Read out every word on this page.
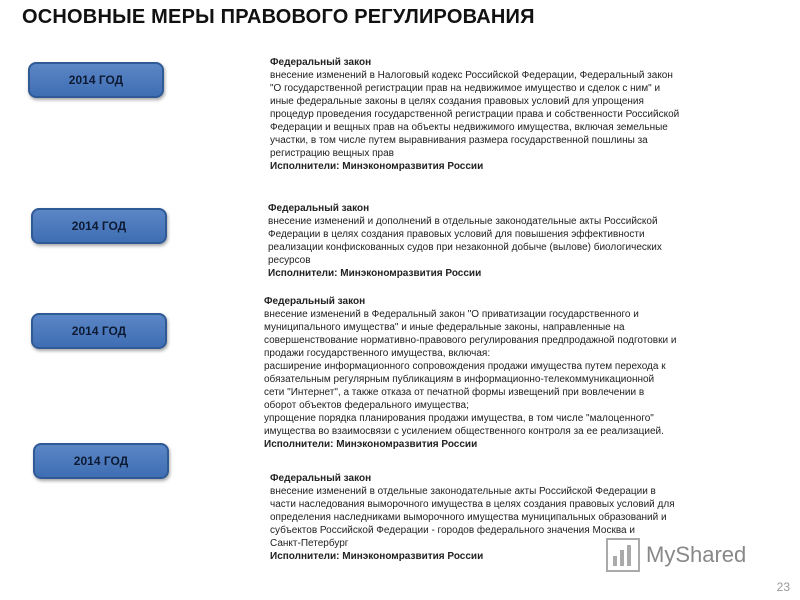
ОСНОВНЫЕ МЕРЫ ПРАВОВОГО РЕГУЛИРОВАНИЯ
2014 ГОД
Федеральный закон
внесение изменений в Налоговый кодекс Российской Федерации, Федеральный закон
"О государственной регистрации прав на недвижимое имущество и сделок с ним" и
иные федеральные законы в целях создания правовых условий для упрощения
процедур проведения государственной регистрации права и собственности Российской
Федерации и вещных прав на объекты недвижимого имущества, включая земельные
участки, в том числе путем выравнивания размера государственной пошлины за
регистрацию вещных прав
Исполнители: Минэкономразвития России
2014 ГОД
Федеральный закон
внесение изменений и дополнений в отдельные законодательные акты Российской
Федерации в целях создания правовых условий для повышения эффективности
реализации конфискованных судов при незаконной добыче (вылове) биологических
ресурсов
Исполнители: Минэкономразвития России
2014 ГОД
Федеральный закон
внесение изменений в Федеральный закон "О приватизации государственного и
муниципального имущества" и иные федеральные законы, направленные на
совершенствование нормативно-правового регулирования предпродажной подготовки и
продажи государственного имущества, включая:
расширение информационного сопровождения продажи имущества путем перехода к
обязательным регулярным публикациям в информационно-телекоммуникационной
сети "Интернет", а также отказа от печатной формы извещений при вовлечении в
оборот объектов федерального имущества;
упрощение порядка планирования продажи имущества, в том числе "малоценного"
имущества во взаимосвязи с усилением общественного контроля за ее реализацией.
Исполнители: Минэкономразвития России
2014 ГОД
Федеральный закон
внесение изменений в отдельные законодательные акты Российской Федерации в
части наследования выморочного имущества в целях создания правовых условий для
определения наследниками выморочного имущества муниципальных образований и
субъектов Российской Федерации - городов федерального значения Москва и
Санкт-Петербург
Исполнители: Минэкономразвития России	MyShared
23
